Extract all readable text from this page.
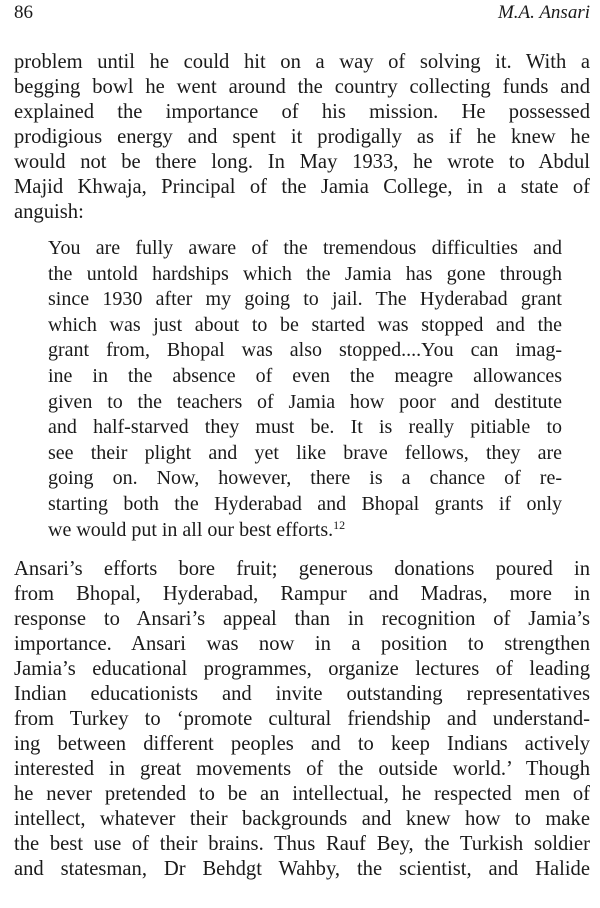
86	M.A. Ansari
problem until he could hit on a way of solving it. With a
begging bowl he went around the country collecting funds and
explained the importance of his mission. He possessed
prodigious energy and spent it prodigally as if he knew he
would not be there long. In May 1933, he wrote to Abdul
Majid Khwaja, Principal of the Jamia College, in a state of
anguish:
You are fully aware of the tremendous difficulties and
the untold hardships which the Jamia has gone through
since 1930 after my going to jail. The Hyderabad grant
which was just about to be started was stopped and the
grant from, Bhopal was also stopped....You can imag-
ine in the absence of even the meagre allowances
given to the teachers of Jamia how poor and destitute
and half-starved they must be. It is really pitiable to
see their plight and yet like brave fellows, they are
going on. Now, however, there is a chance of re-
starting both the Hyderabad and Bhopal grants if only
we would put in all our best efforts.$^{12}$
Ansari’s efforts bore fruit; generous donations poured in
from Bhopal, Hyderabad, Rampur and Madras, more in
response to Ansari’s appeal than in recognition of Jamia’s
importance. Ansari was now in a position to strengthen
Jamia’s educational programmes, organize lectures of leading
Indian educationists and invite outstanding representatives
from Turkey to ‘promote cultural friendship and understand-
ing between different peoples and to keep Indians actively
interested in great movements of the outside world.’ Though
he never pretended to be an intellectual, he respected men of
intellect, whatever their backgrounds and knew how to make
the best use of their brains. Thus Rauf Bey, the Turkish soldier
and statesman, Dr Behdgt Wahby, the scientist, and Halide
